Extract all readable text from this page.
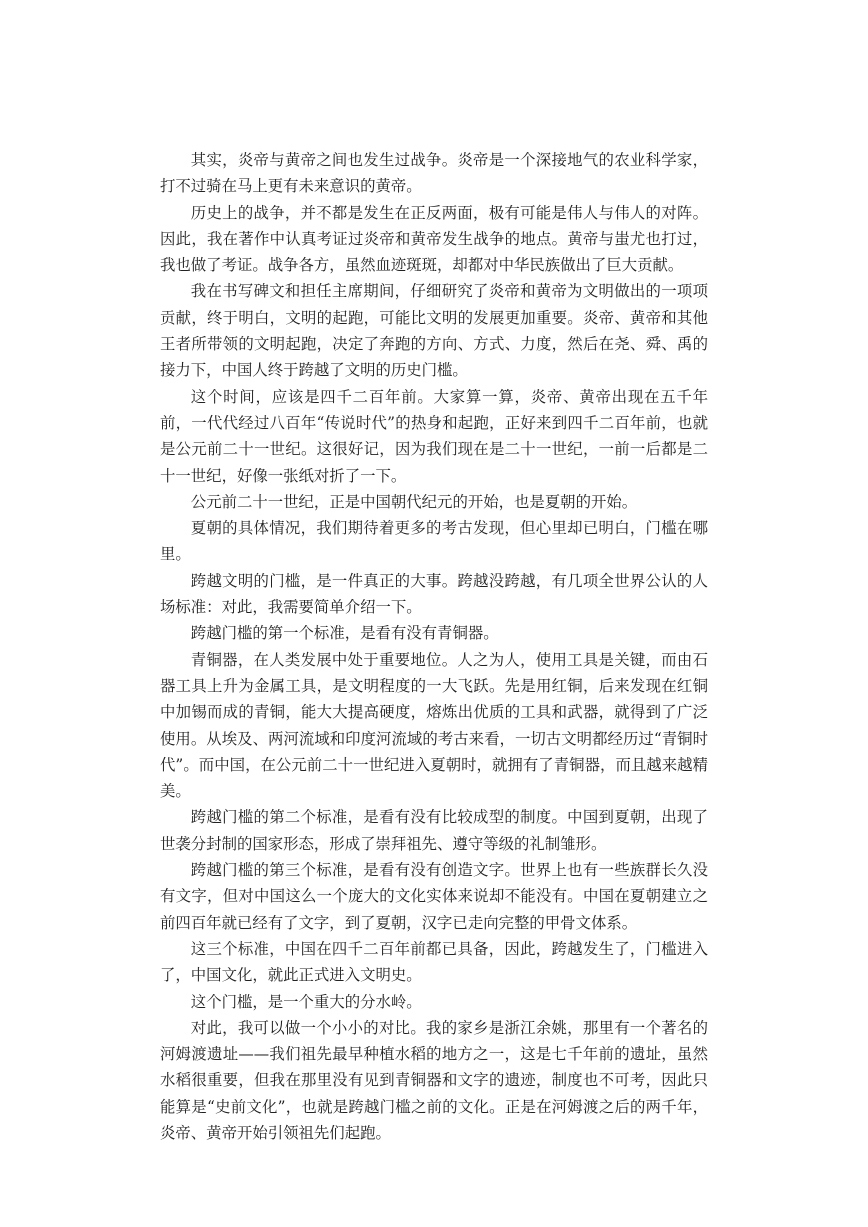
其实，炎帝与黄帝之间也发生过战争。炎帝是一个深接地气的农业科学家，打不过骑在马上更有未来意识的黄帝。

历史上的战争，并不都是发生在正反两面，极有可能是伟人与伟人的对阵。因此，我在著作中认真考证过炎帝和黄帝发生战争的地点。黄帝与蚩尤也打过，我也做了考证。战争各方，虽然血迹斑斑，却都对中华民族做出了巨大贡献。

我在书写碑文和担任主席期间，仔细研究了炎帝和黄帝为文明做出的一项项贡献，终于明白，文明的起跑，可能比文明的发展更加重要。炎帝、黄帝和其他王者所带领的文明起跑，决定了奔跑的方向、方式、力度，然后在尧、舜、禹的接力下，中国人终于跨越了文明的历史门槛。

这个时间，应该是四千二百年前。大家算一算，炎帝、黄帝出现在五千年前，一代代经过八百年“传说时代”的热身和起跑，正好来到四千二百年前，也就是公元前二十一世纪。这很好记，因为我们现在是二十一世纪，一前一后都是二十一世纪，好像一张纸对折了一下。

公元前二十一世纪，正是中国朝代纪元的开始，也是夏朝的开始。

夏朝的具体情况，我们期待着更多的考古发现，但心里却已明白，门槛在哪里。

跨越文明的门槛，是一件真正的大事。跨越没跨越，有几项全世界公认的人场标准：对此，我需要简单介绍一下。

跨越门槛的第一个标准，是看有没有青铜器。

青铜器，在人类发展中处于重要地位。人之为人，使用工具是关键，而由石器工具上升为金属工具，是文明程度的一大飞跃。先是用红铜，后来发现在红铜中加锡而成的青铜，能大大提高硬度，熔炼出优质的工具和武器，就得到了广泛使用。从埃及、两河流域和印度河流域的考古来看，一切古文明都经历过“青铜时代”。而中国，在公元前二十一世纪进入夏朝时，就拥有了青铜器，而且越来越精美。

跨越门槛的第二个标准，是看有没有比较成型的制度。中国到夏朝，出现了世袭分封制的国家形态，形成了崇拜祖先、遵守等级的礼制雏形。

跨越门槛的第三个标准，是看有没有创造文字。世界上也有一些族群长久没有文字，但对中国这么一个庞大的文化实体来说却不能没有。中国在夏朝建立之前四百年就已经有了文字，到了夏朝，汉字已走向完整的甲骨文体系。

这三个标准，中国在四千二百年前都已具备，因此，跨越发生了，门槛进入了，中国文化，就此正式进入文明史。

这个门槛，是一个重大的分水岭。

对此，我可以做一个小小的对比。我的家乡是浙江余姚，那里有一个著名的河姆渡遗址——我们祖先最早种植水稻的地方之一，这是七千年前的遗址，虽然水稻很重要，但我在那里没有见到青铜器和文字的遗迹，制度也不可考，因此只能算是“史前文化”，也就是跨越门槛之前的文化。正是在河姆渡之后的两千年，炎帝、黄帝开始引领祖先们起跑。
